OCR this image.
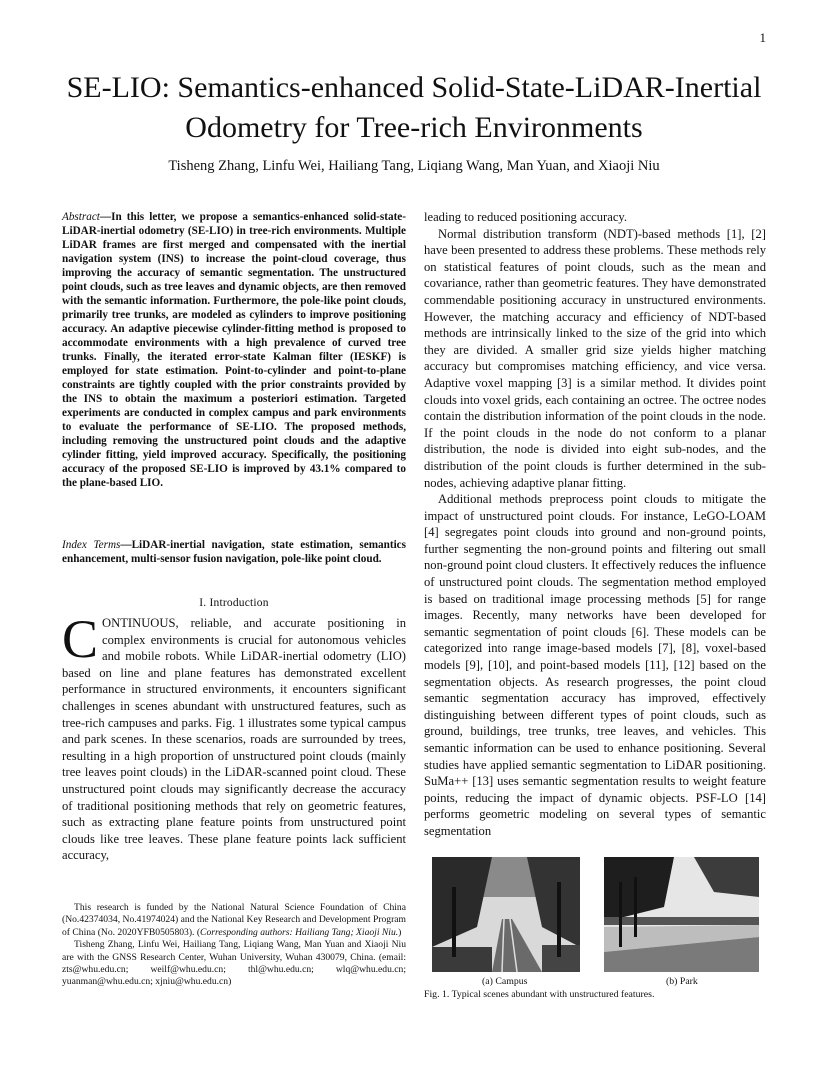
1
SE-LIO: Semantics-enhanced Solid-State-LiDAR-Inertial Odometry for Tree-rich Environments
Tisheng Zhang, Linfu Wei, Hailiang Tang, Liqiang Wang, Man Yuan, and Xiaoji Niu
Abstract—In this letter, we propose a semantics-enhanced solid-state-LiDAR-inertial odometry (SE-LIO) in tree-rich environments. Multiple LiDAR frames are first merged and compensated with the inertial navigation system (INS) to increase the point-cloud coverage, thus improving the accuracy of semantic segmentation. The unstructured point clouds, such as tree leaves and dynamic objects, are then removed with the semantic information. Furthermore, the pole-like point clouds, primarily tree trunks, are modeled as cylinders to improve positioning accuracy. An adaptive piecewise cylinder-fitting method is proposed to accommodate environments with a high prevalence of curved tree trunks. Finally, the iterated error-state Kalman filter (IESKF) is employed for state estimation. Point-to-cylinder and point-to-plane constraints are tightly coupled with the prior constraints provided by the INS to obtain the maximum a posteriori estimation. Targeted experiments are conducted in complex campus and park environments to evaluate the performance of SE-LIO. The proposed methods, including removing the unstructured point clouds and the adaptive cylinder fitting, yield improved accuracy. Specifically, the positioning accuracy of the proposed SE-LIO is improved by 43.1% compared to the plane-based LIO.
Index Terms—LiDAR-inertial navigation, state estimation, semantics enhancement, multi-sensor fusion navigation, pole-like point cloud.
I. Introduction
CONTINUOUS, reliable, and accurate positioning in complex environments is crucial for autonomous vehicles and mobile robots. While LiDAR-inertial odometry (LIO) based on line and plane features has demonstrated excellent performance in structured environments, it encounters significant challenges in scenes abundant with unstructured features, such as tree-rich campuses and parks. Fig. 1 illustrates some typical campus and park scenes. In these scenarios, roads are surrounded by trees, resulting in a high proportion of unstructured point clouds (mainly tree leaves point clouds) in the LiDAR-scanned point cloud. These unstructured point clouds may significantly decrease the accuracy of traditional positioning methods that rely on geometric features, such as extracting plane feature points from unstructured point clouds like tree leaves. These plane feature points lack sufficient accuracy,

This research is funded by the National Natural Science Foundation of China (No.42374034, No.41974024) and the National Key Research and Development Program of China (No. 2020YFB0505803). (Corresponding authors: Hailiang Tang; Xiaoji Niu.)

Tisheng Zhang, Linfu Wei, Hailiang Tang, Liqiang Wang, Man Yuan and Xiaoji Niu are with the GNSS Research Center, Wuhan University, Wuhan 430079, China. (email: zts@whu.edu.cn; weilf@whu.edu.cn; thl@whu.edu.cn; wlq@whu.edu.cn; yuanman@whu.edu.cn; xjniu@whu.edu.cn)

leading to reduced positioning accuracy.

Normal distribution transform (NDT)-based methods [1], [2] have been presented to address these problems. These methods rely on statistical features of point clouds, such as the mean and covariance, rather than geometric features. They have demonstrated commendable positioning accuracy in unstructured environments. However, the matching accuracy and efficiency of NDT-based methods are intrinsically linked to the size of the grid into which they are divided. A smaller grid size yields higher matching accuracy but compromises matching efficiency, and vice versa. Adaptive voxel mapping [3] is a similar method. It divides point clouds into voxel grids, each containing an octree. The octree nodes contain the distribution information of the point clouds in the node. If the point clouds in the node do not conform to a planar distribution, the node is divided into eight sub-nodes, and the distribution of the point clouds is further determined in the sub-nodes, achieving adaptive planar fitting.

Additional methods preprocess point clouds to mitigate the impact of unstructured point clouds. For instance, LeGO-LOAM [4] segregates point clouds into ground and non-ground points, further segmenting the non-ground points and filtering out small non-ground point cloud clusters. It effectively reduces the influence of unstructured point clouds. The segmentation method employed is based on traditional image processing methods [5] for range images. Recently, many networks have been developed for semantic segmentation of point clouds [6]. These models can be categorized into range image-based models [7], [8], voxel-based models [9], [10], and point-based models [11], [12] based on the segmentation objects. As research progresses, the point cloud semantic segmentation accuracy has improved, effectively distinguishing between different types of point clouds, such as ground, buildings, tree trunks, tree leaves, and vehicles. This semantic information can be used to enhance positioning. Several studies have applied semantic segmentation to LiDAR positioning. SuMa++ [13] uses semantic segmentation results to weight feature points, reducing the impact of dynamic objects. PSF-LO [14] performs geometric modeling on several types of semantic segmentation

(a) Campus	(b) Park
Fig. 1. Typical scenes abundant with unstructured features.
